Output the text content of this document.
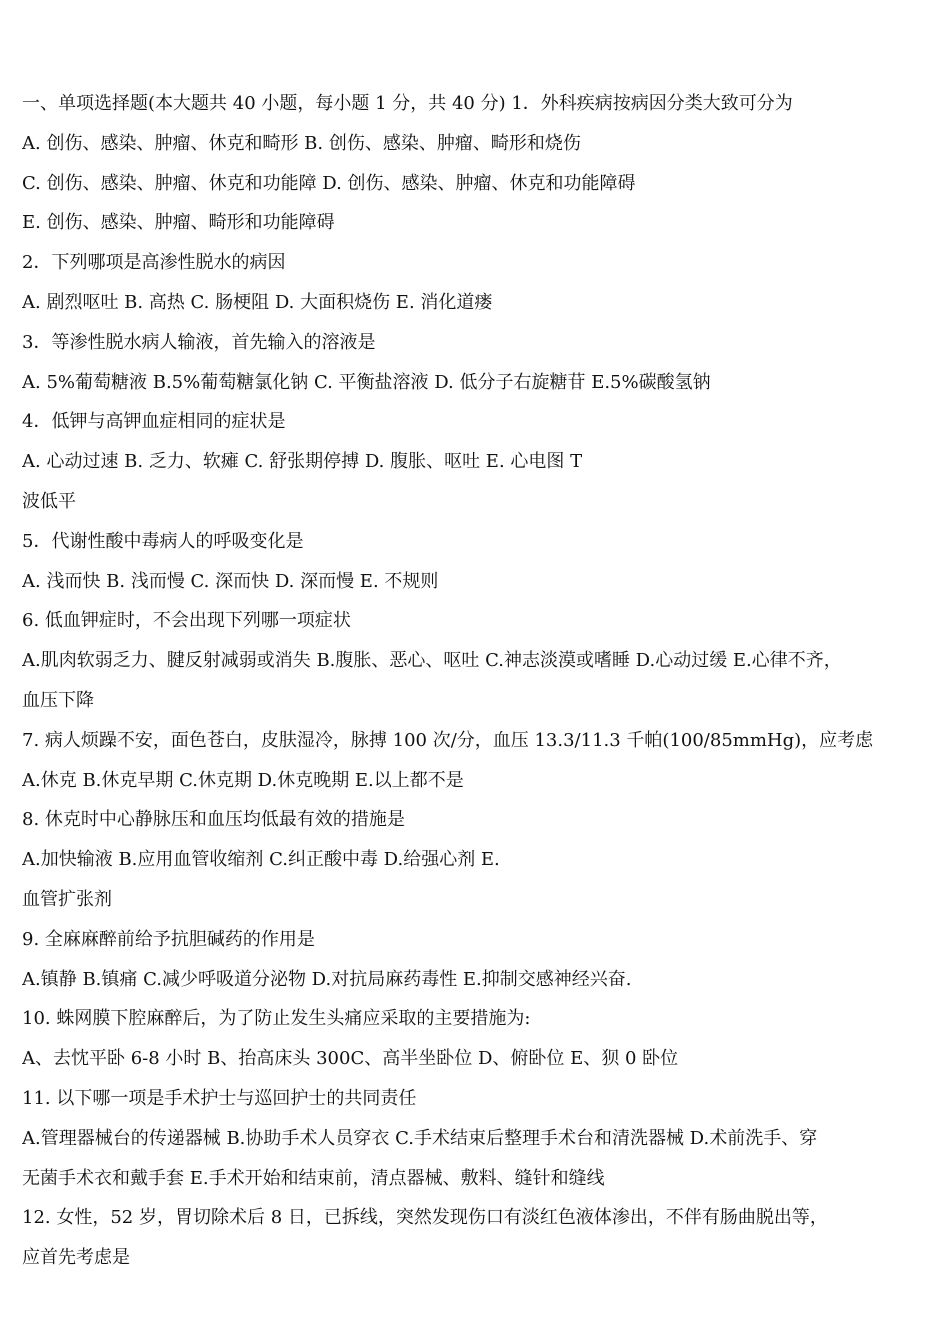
一、单项选择题(本大题共 40 小题，每小题 1 分，共 40 分) 1．外科疾病按病因分类大致可分为

A. 创伤、感染、肿瘤、休克和畸形 B. 创伤、感染、肿瘤、畸形和烧伤

C. 创伤、感染、肿瘤、休克和功能障 D. 创伤、感染、肿瘤、休克和功能障碍

E. 创伤、感染、肿瘤、畸形和功能障碍

2．下列哪项是高渗性脱水的病因

A. 剧烈呕吐 B. 高热 C. 肠梗阻 D. 大面积烧伤 E. 消化道瘘

3．等渗性脱水病人输液，首先输入的溶液是

A. 5%葡萄糖液 B.5%葡萄糖氯化钠 C. 平衡盐溶液 D. 低分子右旋糖苷 E.5%碳酸氢钠

4．低钾与高钾血症相同的症状是

A. 心动过速 B. 乏力、软瘫 C. 舒张期停搏 D. 腹胀、呕吐 E. 心电图 T

波低平

5．代谢性酸中毒病人的呼吸变化是

A. 浅而快 B. 浅而慢 C. 深而快 D. 深而慢 E. 不规则

6. 低血钾症时，不会出现下列哪一项症状

A.肌肉软弱乏力、腱反射减弱或消失 B.腹胀、恶心、呕吐 C.神志淡漠或嗜睡 D.心动过缓 E.心律不齐，

血压下降

7. 病人烦躁不安，面色苍白，皮肤湿冷，脉搏 100 次/分，血压 13.3/11.3 千帕(100/85mmHg)，应考虑

A.休克 B.休克早期 C.休克期 D.休克晚期 E.以上都不是

8. 休克时中心静脉压和血压均低最有效的措施是

A.加快输液 B.应用血管收缩剂 C.纠正酸中毒 D.给强心剂 E.

血管扩张剂

9. 全麻麻醉前给予抗胆碱药的作用是

A.镇静 B.镇痛 C.减少呼吸道分泌物 D.对抗局麻药毒性 E.抑制交感神经兴奋.

10. 蛛网膜下腔麻醉后，为了防止发生头痛应采取的主要措施为:

A、去忱平卧 6-8 小时 B、抬高床头 300C、高半坐卧位 D、俯卧位 E、狈 0 卧位

11. 以下哪一项是手术护士与巡回护士的共同责任

A.管理器械台的传递器械 B.协助手术人员穿衣 C.手术结束后整理手术台和清洗器械 D.术前洗手、穿

无菌手术衣和戴手套 E.手术开始和结束前，清点器械、敷料、缝针和缝线

12. 女性，52 岁，胃切除术后 8 日，已拆线，突然发现伤口有淡红色液体渗出，不伴有肠曲脱出等，

应首先考虑是
